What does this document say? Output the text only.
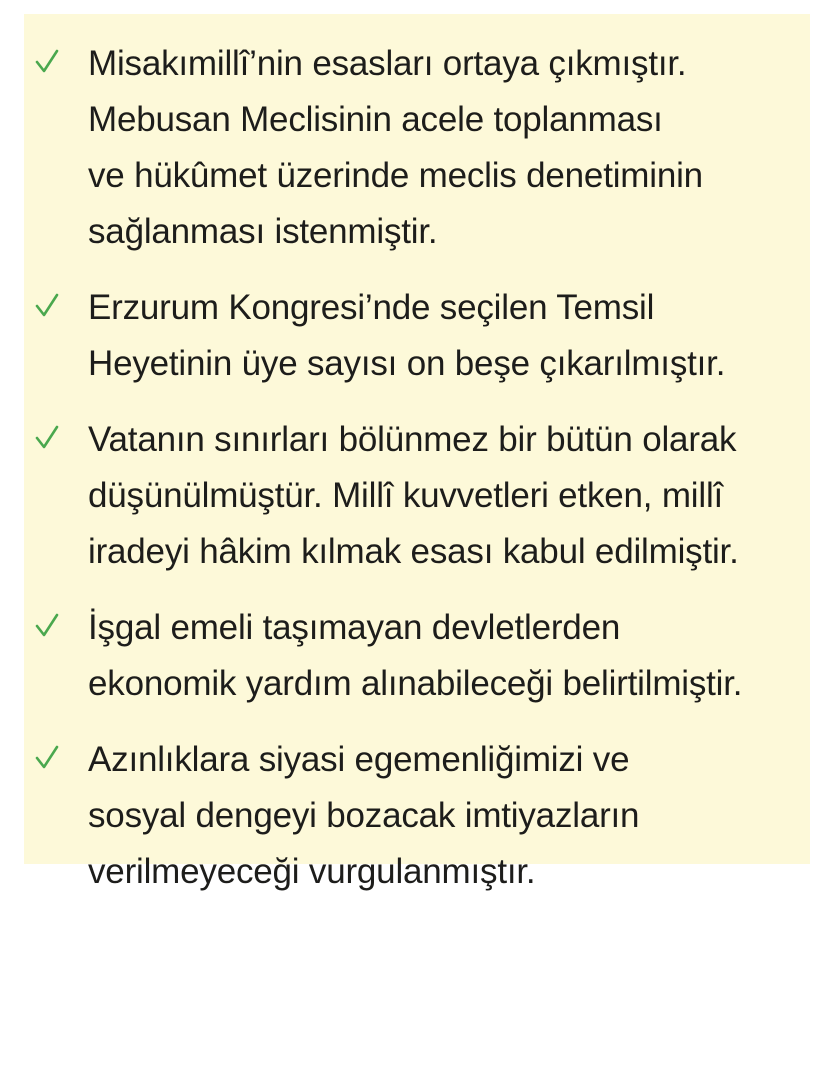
Misakımillî’nin esasları ortaya çıkmıştır.
Mebusan Meclisinin acele toplanması
ve hükûmet üzerinde meclis denetiminin
sağlanması istenmiştir.
Erzurum Kongresi’nde seçilen Temsil
Heyetinin üye sayısı on beşe çıkarılmıştır.
Vatanın sınırları bölünmez bir bütün olarak
düşünülmüştür. Millî kuvvetleri etken, millî
iradeyi hâkim kılmak esası kabul edilmiştir.
İşgal emeli taşımayan devletlerden
ekonomik yardım alınabileceği belirtilmiştir.
Azınlıklara siyasi egemenliğimizi ve
sosyal dengeyi bozacak imtiyazların
verilmeyeceği vurgulanmıştır.
